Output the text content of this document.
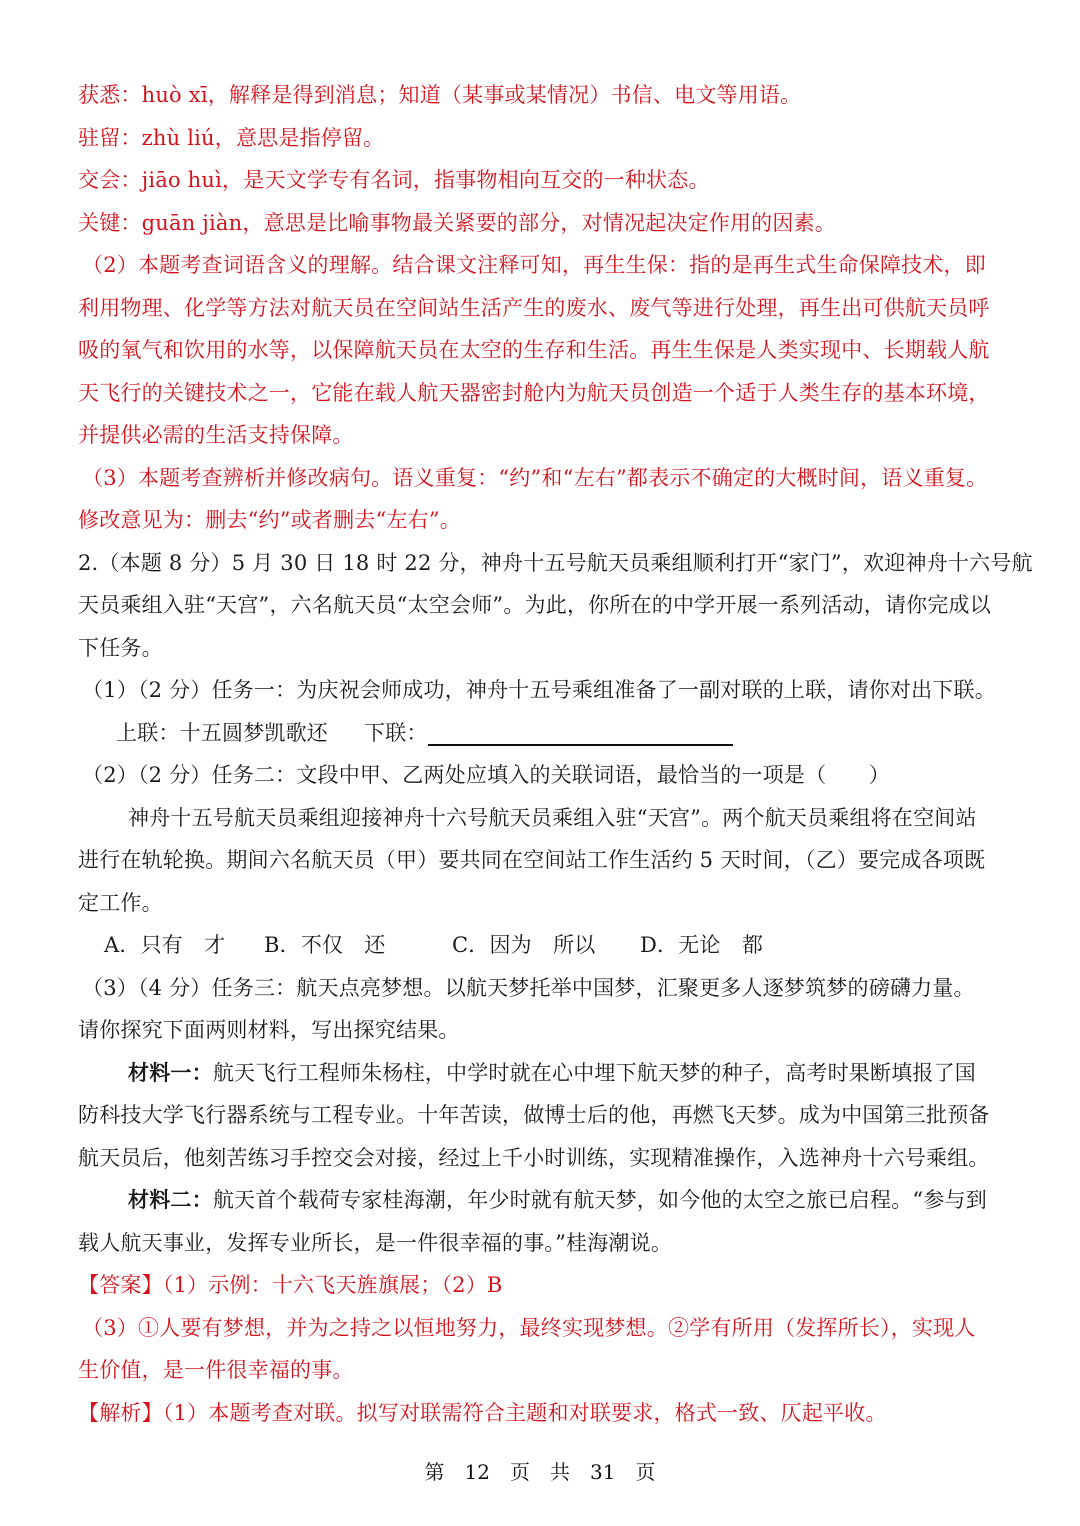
获悉：huò xī，解释是得到消息；知道（某事或某情况）书信、电文等用语。
驻留：zhù liú，意思是指停留。
交会：jiāo huì，是天文学专有名词，指事物相向互交的一种状态。
关键：guān jiàn，意思是比喻事物最关紧要的部分，对情况起决定作用的因素。
（2）本题考查词语含义的理解。结合课文注释可知，再生生保：指的是再生式生命保障技术，即
利用物理、化学等方法对航天员在空间站生活产生的废水、废气等进行处理，再生出可供航天员呼
吸的氧气和饮用的水等，以保障航天员在太空的生存和生活。再生生保是人类实现中、长期载人航
天飞行的关键技术之一，它能在载人航天器密封舱内为航天员创造一个适于人类生存的基本环境，
并提供必需的生活支持保障。
（3）本题考查辨析并修改病句。语义重复：“约”和“左右”都表示不确定的大概时间，语义重复。
修改意见为：删去“约”或者删去“左右”。
2.（本题 8 分）5 月 30 日 18 时 22 分，神舟十五号航天员乘组顺利打开“家门”，欢迎神舟十六号航
天员乘组入驻“天宫”，六名航天员“太空会师”。为此，你所在的中学开展一系列活动，请你完成以
下任务。
（1）（2 分）任务一：为庆祝会师成功，神舟十五号乘组准备了一副对联的上联，请你对出下联。
上联：十五圆梦凯歌还 下联：
（2）（2 分）任务二：文段中甲、乙两处应填入的关联词语，最恰当的一项是（　　）
神舟十五号航天员乘组迎接神舟十六号航天员乘组入驻“天宫”。两个航天员乘组将在空间站
进行在轨轮换。期间六名航天员（甲）要共同在空间站工作生活约 5 天时间，（乙）要完成各项既
定工作。
A．只有　才 B．不仅　还	C．因为　所以 D．无论　都
（3）（4 分）任务三：航天点亮梦想。以航天梦托举中国梦，汇聚更多人逐梦筑梦的磅礴力量。
请你探究下面两则材料，写出探究结果。
材料一：航天飞行工程师朱杨柱，中学时就在心中埋下航天梦的种子，高考时果断填报了国
防科技大学飞行器系统与工程专业。十年苦读，做博士后的他，再燃飞天梦。成为中国第三批预备
航天员后，他刻苦练习手控交会对接，经过上千小时训练，实现精准操作，入选神舟十六号乘组。
材料二：航天首个载荷专家桂海潮，年少时就有航天梦，如今他的太空之旅已启程。“参与到
载人航天事业，发挥专业所长，是一件很幸福的事。”桂海潮说。
【答案】（1）示例：十六飞天旌旗展；（2）B
（3）①人要有梦想，并为之持之以恒地努力，最终实现梦想。②学有所用（发挥所长），实现人
生价值，是一件很幸福的事。
【解析】（1）本题考查对联。拟写对联需符合主题和对联要求，格式一致、仄起平收。
第　12　页　共　31　页
